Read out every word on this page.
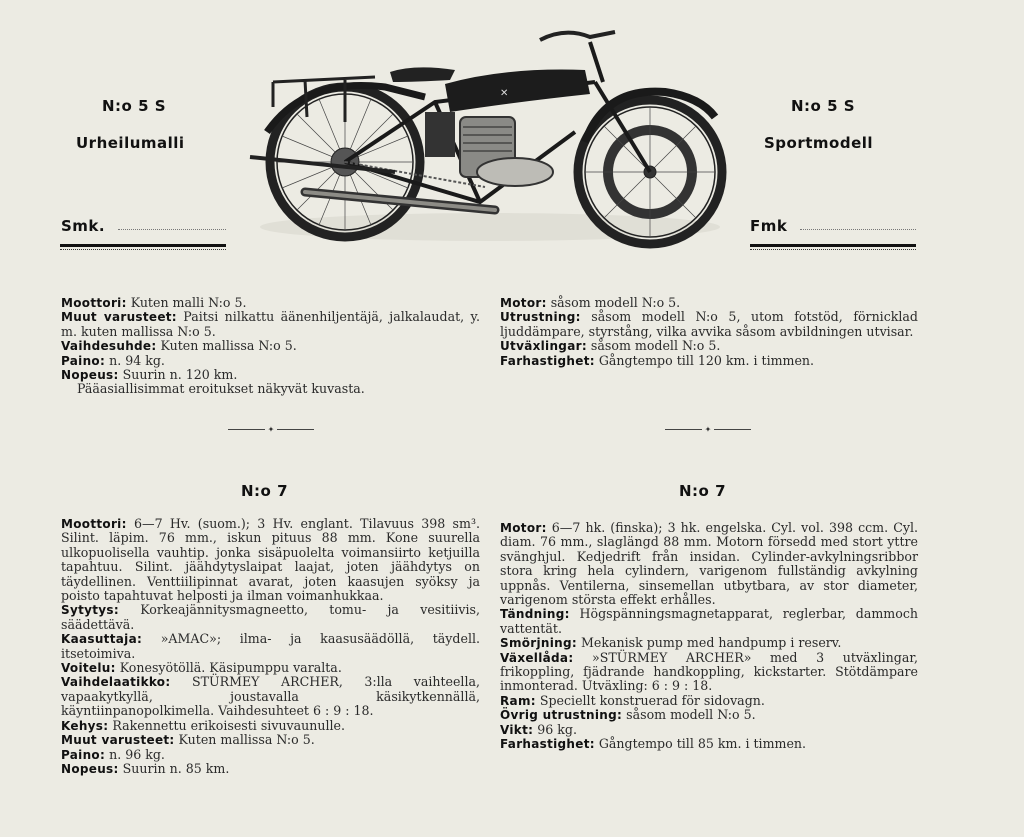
N:o 5 S
Urheilumalli
Smk.
N:o 5 S
Sportmodell
Fmk
✕

Moottori: Kuten malli N:o 5.

Muut varusteet: Paitsi nilkattu äänenhiljentäjä, jalkalaudat, y. m. kuten mallissa N:o 5.

Vaihdesuhde: Kuten mallissa N:o 5.

Paino: n. 94 kg.

Nopeus: Suurin n. 120 km.

Pääasiallisimmat eroitukset näkyvät kuvasta.

Motor: såsom modell N:o 5.

Utrustning: såsom modell N:o 5, utom fotstöd, förnicklad ljuddämpare, styrstång, vilka avvika såsom avbildningen utvisar.

Utväxlingar: såsom modell N:o 5.

Farhastighet: Gångtempo till 120 km. i timmen.

✦	✦
N:o 7	N:o 7

Moottori: 6—7 Hv. (suom.); 3 Hv. englant. Tilavuus 398 sm³. Silint. läpim. 76 mm., iskun pituus 88 mm. Kone suurella ulkopuolisella vauhtip. jonka sisäpuolelta voimansiirto ketjuilla tapahtuu. Silint. jäähdytyslaipat laajat, joten jäähdytys on täydellinen. Venttiilipinnat avarat, joten kaasujen syöksy ja poisto tapahtuvat helposti ja ilman voimanhukkaa.

Sytytys: Korkeajännitysmagneetto, tomu- ja vesitiivis, säädettävä.

Kaasuttaja: »AMAC»; ilma- ja kaasusäädöllä, täydell. itsetoimiva.

Voitelu: Konesyötöllä. Käsipumppu varalta.

Vaihdelaatikko: STÜRMEY ARCHER, 3:lla vaihteella, vapaakytkyllä, joustavalla käsikytkennällä, käyntiinpanopolkimella. Vaihdesuhteet 6 : 9 : 18.

Kehys: Rakennettu erikoisesti sivuvaunulle.

Muut varusteet: Kuten mallissa N:o 5.

Paino: n. 96 kg.

Nopeus: Suurin n. 85 km.

Motor: 6—7 hk. (finska); 3 hk. engelska. Cyl. vol. 398 ccm. Cyl. diam. 76 mm., slaglängd 88 mm. Motorn försedd med stort yttre svänghjul. Kedjedrift från insidan. Cylinder-avkylningsribbor stora kring hela cylindern, varigenom fullständig avkylning uppnås. Ventilerna, sinsemellan utbytbara, av stor diameter, varigenom största effekt erhålles.

Tändning: Högspänningsmagnetapparat, reglerbar, dammoch vattentät.

Smörjning: Mekanisk pump med handpump i reserv.

Växellåda: »STÜRMEY ARCHER» med 3 utväxlingar, frikoppling, fjädrande handkoppling, kickstarter. Stötdämpare inmonterad. Utväxling: 6 : 9 : 18.

Ram: Speciellt konstruerad för sidovagn.

Övrig utrustning: såsom modell N:o 5.

Vikt: 96 kg.

Farhastighet: Gångtempo till 85 km. i timmen.
